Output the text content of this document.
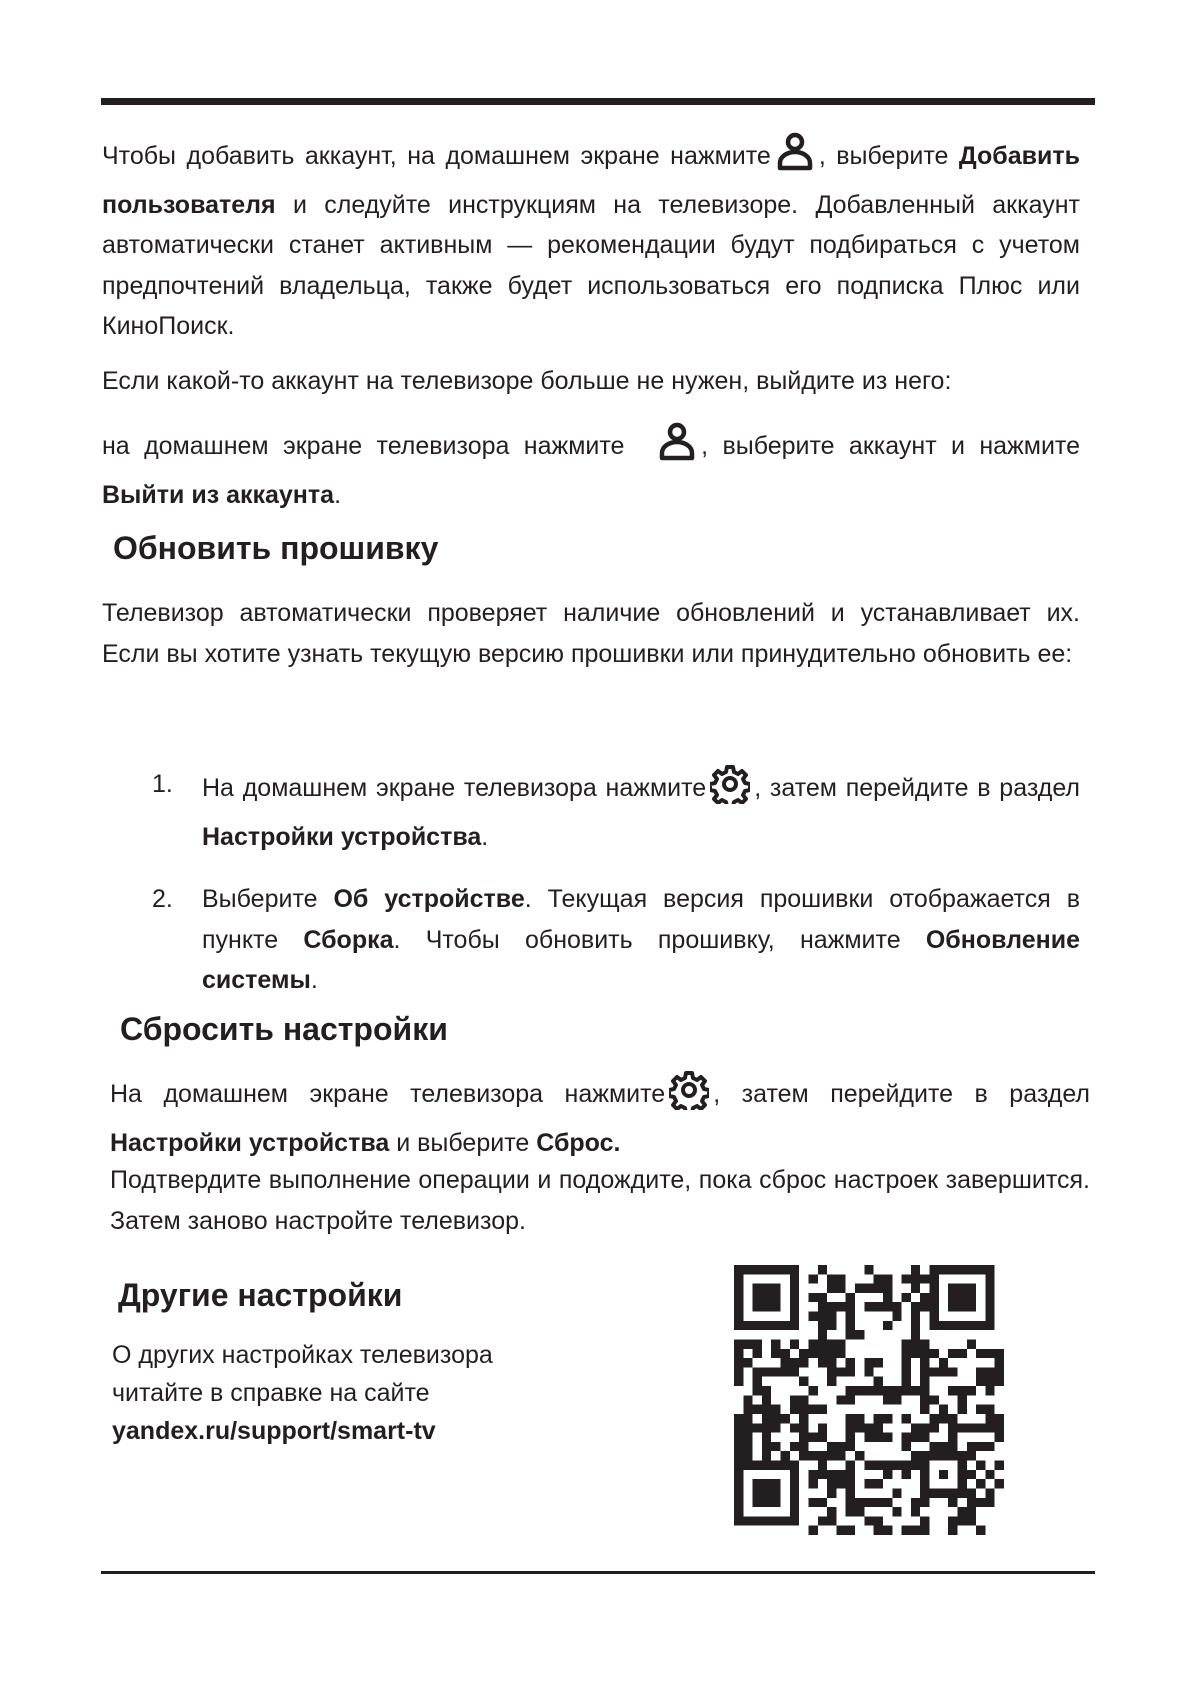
Чтобы добавить аккаунт, на домашнем экране нажмите , выберите Добавить пользователя и следуйте инструкциям на телевизоре. Добавленный аккаунт автоматически станет активным — рекомендации будут подбираться с учетом предпочтений владельца, также будет использоваться его подписка Плюс или КиноПоиск.
Если какой-то аккаунт на телевизоре больше не нужен, выйдите из него:
на домашнем экране телевизора нажмите	, выберите аккаунт и нажмите Выйти из аккаунта.
Обновить прошивку
Телевизор автоматически проверяет наличие обновлений и устанавливает их. Если вы хотите узнать текущую версию прошивки или принудительно обновить ее:
1. На домашнем экране телевизора нажмите , затем перейдите в раздел Настройки устройства.
2. Выберите Об устройстве. Текущая версия прошивки отображается в пункте Сборка. Чтобы обновить прошивку, нажмите Обновление системы.
Сбросить настройки
На домашнем экране телевизора нажмите , затем перейдите в раздел Настройки устройства и выберите Сброс.
Подтвердите выполнение операции и подождите, пока сброс настроек завершится. Затем заново настройте телевизор.
Другие настройки
О других настройках телевизора
читайте в справке на сайте
yandex.ru/support/smart-tv
